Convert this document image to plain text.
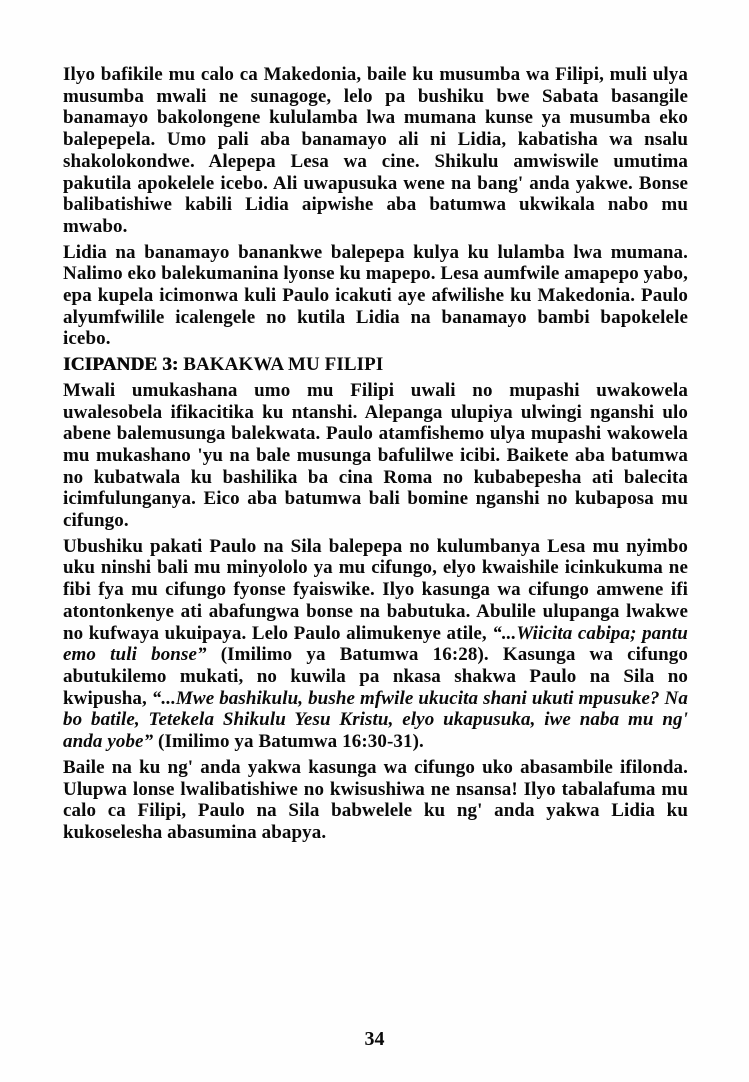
Ilyo bafikile mu calo ca Makedonia, baile ku musumba wa Filipi, muli ulya musumba mwali ne sunagoge, lelo pa bushiku bwe Sabata basangile banamayo bakolongene kululamba lwa mumana kunse ya musumba eko balepepela. Umo pali aba banamayo ali ni Lidia, kabatisha wa nsalu shakolokondwe. Alepepa Lesa wa cine. Shikulu amwiswile umutima pakutila apokelele icebo. Ali uwapusuka wene na bang' anda yakwe. Bonse balibatishiwe kabili Lidia aipwishe aba batumwa ukwikala nabo mu mwabo.

Lidia na banamayo banankwe balepepa kulya ku lulamba lwa mumana. Nalimo eko balekumanina lyonse ku mapepo. Lesa aumfwile amapepo yabo, epa kupela icimonwa kuli Paulo icakuti aye afwilishe ku Makedonia. Paulo alyumfwilile icalengele no kutila Lidia na banamayo bambi bapokelele icebo.

ICIPANDE 3: BAKAKWA MU FILIPI

Mwali umukashana umo mu Filipi uwali no mupashi uwakowela uwalesobela ifikacitika ku ntanshi. Alepanga ulupiya ulwingi nganshi ulo abene balemusunga balekwata. Paulo atamfishemo ulya mupashi wakowela mu mukashano 'yu na bale musunga bafulilwe icibi. Baikete aba batumwa no kubatwala ku bashilika ba cina Roma no kubabepesha ati balecita icimfulunganya. Eico aba batumwa bali bomine nganshi no kubaposa mu cifungo.

Ubushiku pakati Paulo na Sila balepepa no kulumbanya Lesa mu nyimbo uku ninshi bali mu minyololo ya mu cifungo, elyo kwaishile icinkukuma ne fibi fya mu cifungo fyonse fyaiswike. Ilyo kasunga wa cifungo amwene ifi atontonkenye ati abafungwa bonse na babutuka. Abulile ulupanga lwakwe no kufwaya ukuipaya. Lelo Paulo alimukenye atile, “...Wiicita cabipa; pantu emo tuli bonse” (Imilimo ya Batumwa 16:28). Kasunga wa cifungo abutukilemo mukati, no kuwila pa nkasa shakwa Paulo na Sila no kwipusha, “...Mwe bashikulu, bushe mfwile ukucita shani ukuti mpusuke? Na bo batile, Tetekela Shikulu Yesu Kristu, elyo ukapusuka, iwe naba mu ng' anda yobe” (Imilimo ya Batumwa 16:30-31).

Baile na ku ng' anda yakwa kasunga wa cifungo uko abasambile ifilonda. Ulupwa lonse lwalibatishiwe no kwisushiwa ne nsansa! Ilyo tabalafuma mu calo ca Filipi, Paulo na Sila babwelele ku ng' anda yakwa Lidia ku kukoselesha abasumina abapya.

34
